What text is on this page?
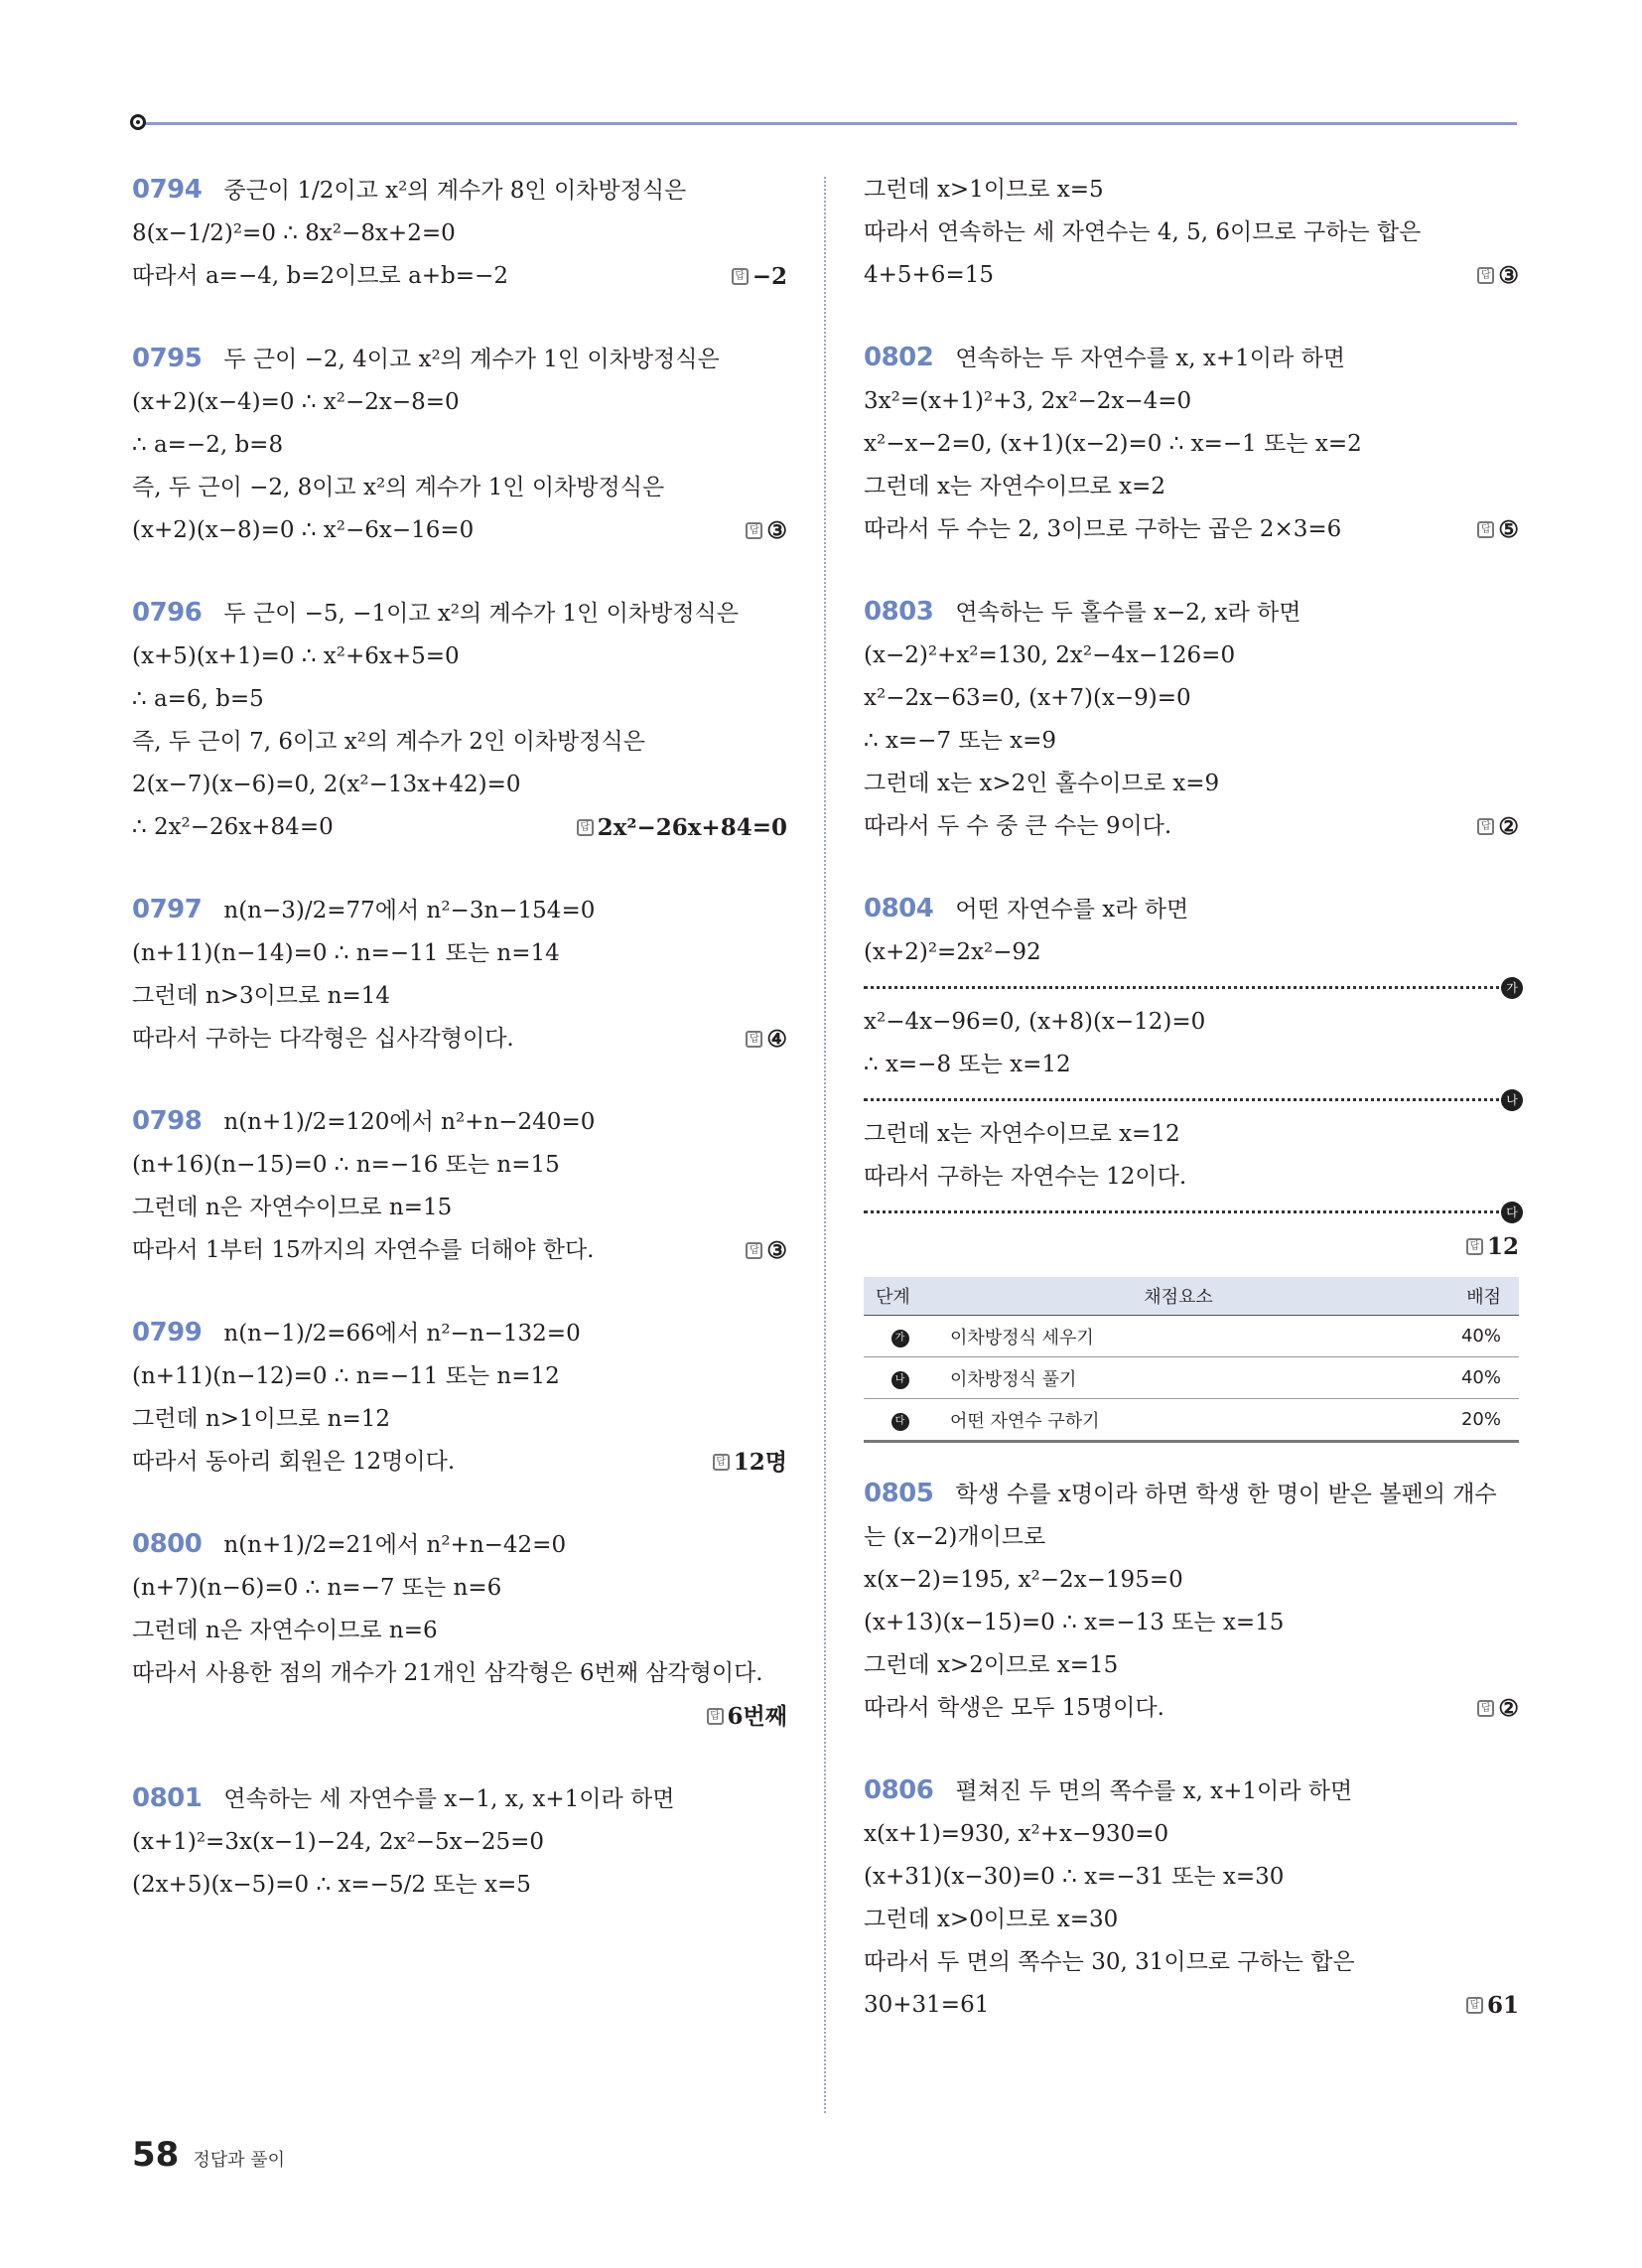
0794 중근이 1/2이고 x²의 계수가 8인 이차방정식은
8(x−1/2)²=0 ∴ 8x²−8x+2=0
따라서 a=−4, b=2이므로 a+b=−2 답	−2
0795 두 근이 −2, 4이고 x²의 계수가 1인 이차방정식은
(x+2)(x−4)=0 ∴ x²−2x−8=0
∴ a=−2, b=8
즉, 두 근이 −2, 8이고 x²의 계수가 1인 이차방정식은
(x+2)(x−8)=0 ∴ x²−6x−16=0 답	③
0796 두 근이 −5, −1이고 x²의 계수가 1인 이차방정식은
(x+5)(x+1)=0 ∴ x²+6x+5=0
∴ a=6, b=5
즉, 두 근이 7, 6이고 x²의 계수가 2인 이차방정식은
2(x−7)(x−6)=0, 2(x²−13x+42)=0
∴ 2x²−26x+84=0 답	2x²−26x+84=0
0797 n(n−3)/2=77에서 n²−3n−154=0
(n+11)(n−14)=0 ∴ n=−11 또는 n=14
그런데 n>3이므로 n=14
따라서 구하는 다각형은 십사각형이다. 답	④
0798 n(n+1)/2=120에서 n²+n−240=0
(n+16)(n−15)=0 ∴ n=−16 또는 n=15
그런데 n은 자연수이므로 n=15
따라서 1부터 15까지의 자연수를 더해야 한다. 답	③
0799 n(n−1)/2=66에서 n²−n−132=0
(n+11)(n−12)=0 ∴ n=−11 또는 n=12
그런데 n>1이므로 n=12
따라서 동아리 회원은 12명이다. 답	12명
0800 n(n+1)/2=21에서 n²+n−42=0
(n+7)(n−6)=0 ∴ n=−7 또는 n=6
그런데 n은 자연수이므로 n=6
따라서 사용한 점의 개수가 21개인 삼각형은 6번째 삼각형이다.
답6번째
0801 연속하는 세 자연수를 x−1, x, x+1이라 하면
(x+1)²=3x(x−1)−24, 2x²−5x−25=0
(2x+5)(x−5)=0 ∴ x=−5/2 또는 x=5
그런데 x>1이므로 x=5
따라서 연속하는 세 자연수는 4, 5, 6이므로 구하는 합은
4+5+6=15 답	③
0802 연속하는 두 자연수를 x, x+1이라 하면
3x²=(x+1)²+3, 2x²−2x−4=0
x²−x−2=0, (x+1)(x−2)=0 ∴ x=−1 또는 x=2
그런데 x는 자연수이므로 x=2
따라서 두 수는 2, 3이므로 구하는 곱은 2×3=6 답	⑤
0803 연속하는 두 홀수를 x−2, x라 하면
(x−2)²+x²=130, 2x²−4x−126=0
x²−2x−63=0, (x+7)(x−9)=0
∴ x=−7 또는 x=9
그런데 x는 x>2인 홀수이므로 x=9
따라서 두 수 중 큰 수는 9이다. 답	②
0804 어떤 자연수를 x라 하면
(x+2)²=2x²−92
가
x²−4x−96=0, (x+8)(x−12)=0
∴ x=−8 또는 x=12
나
그런데 x는 자연수이므로 x=12
따라서 구하는 자연수는 12이다.
다
답12
단계	채점요소	배점
가	이차방정식 세우기	40%
나	이차방정식 풀기	40%
다	어떤 자연수 구하기	20%
0805 학생 수를 x명이라 하면 학생 한 명이 받은 볼펜의 개수
는 (x−2)개이므로
x(x−2)=195, x²−2x−195=0
(x+13)(x−15)=0 ∴ x=−13 또는 x=15
그런데 x>2이므로 x=15
따라서 학생은 모두 15명이다. 답	②
0806 펼쳐진 두 면의 쪽수를 x, x+1이라 하면
x(x+1)=930, x²+x−930=0
(x+31)(x−30)=0 ∴ x=−31 또는 x=30
그런데 x>0이므로 x=30
따라서 두 면의 쪽수는 30, 31이므로 구하는 합은
30+31=61 답	61
58 정답과 풀이
